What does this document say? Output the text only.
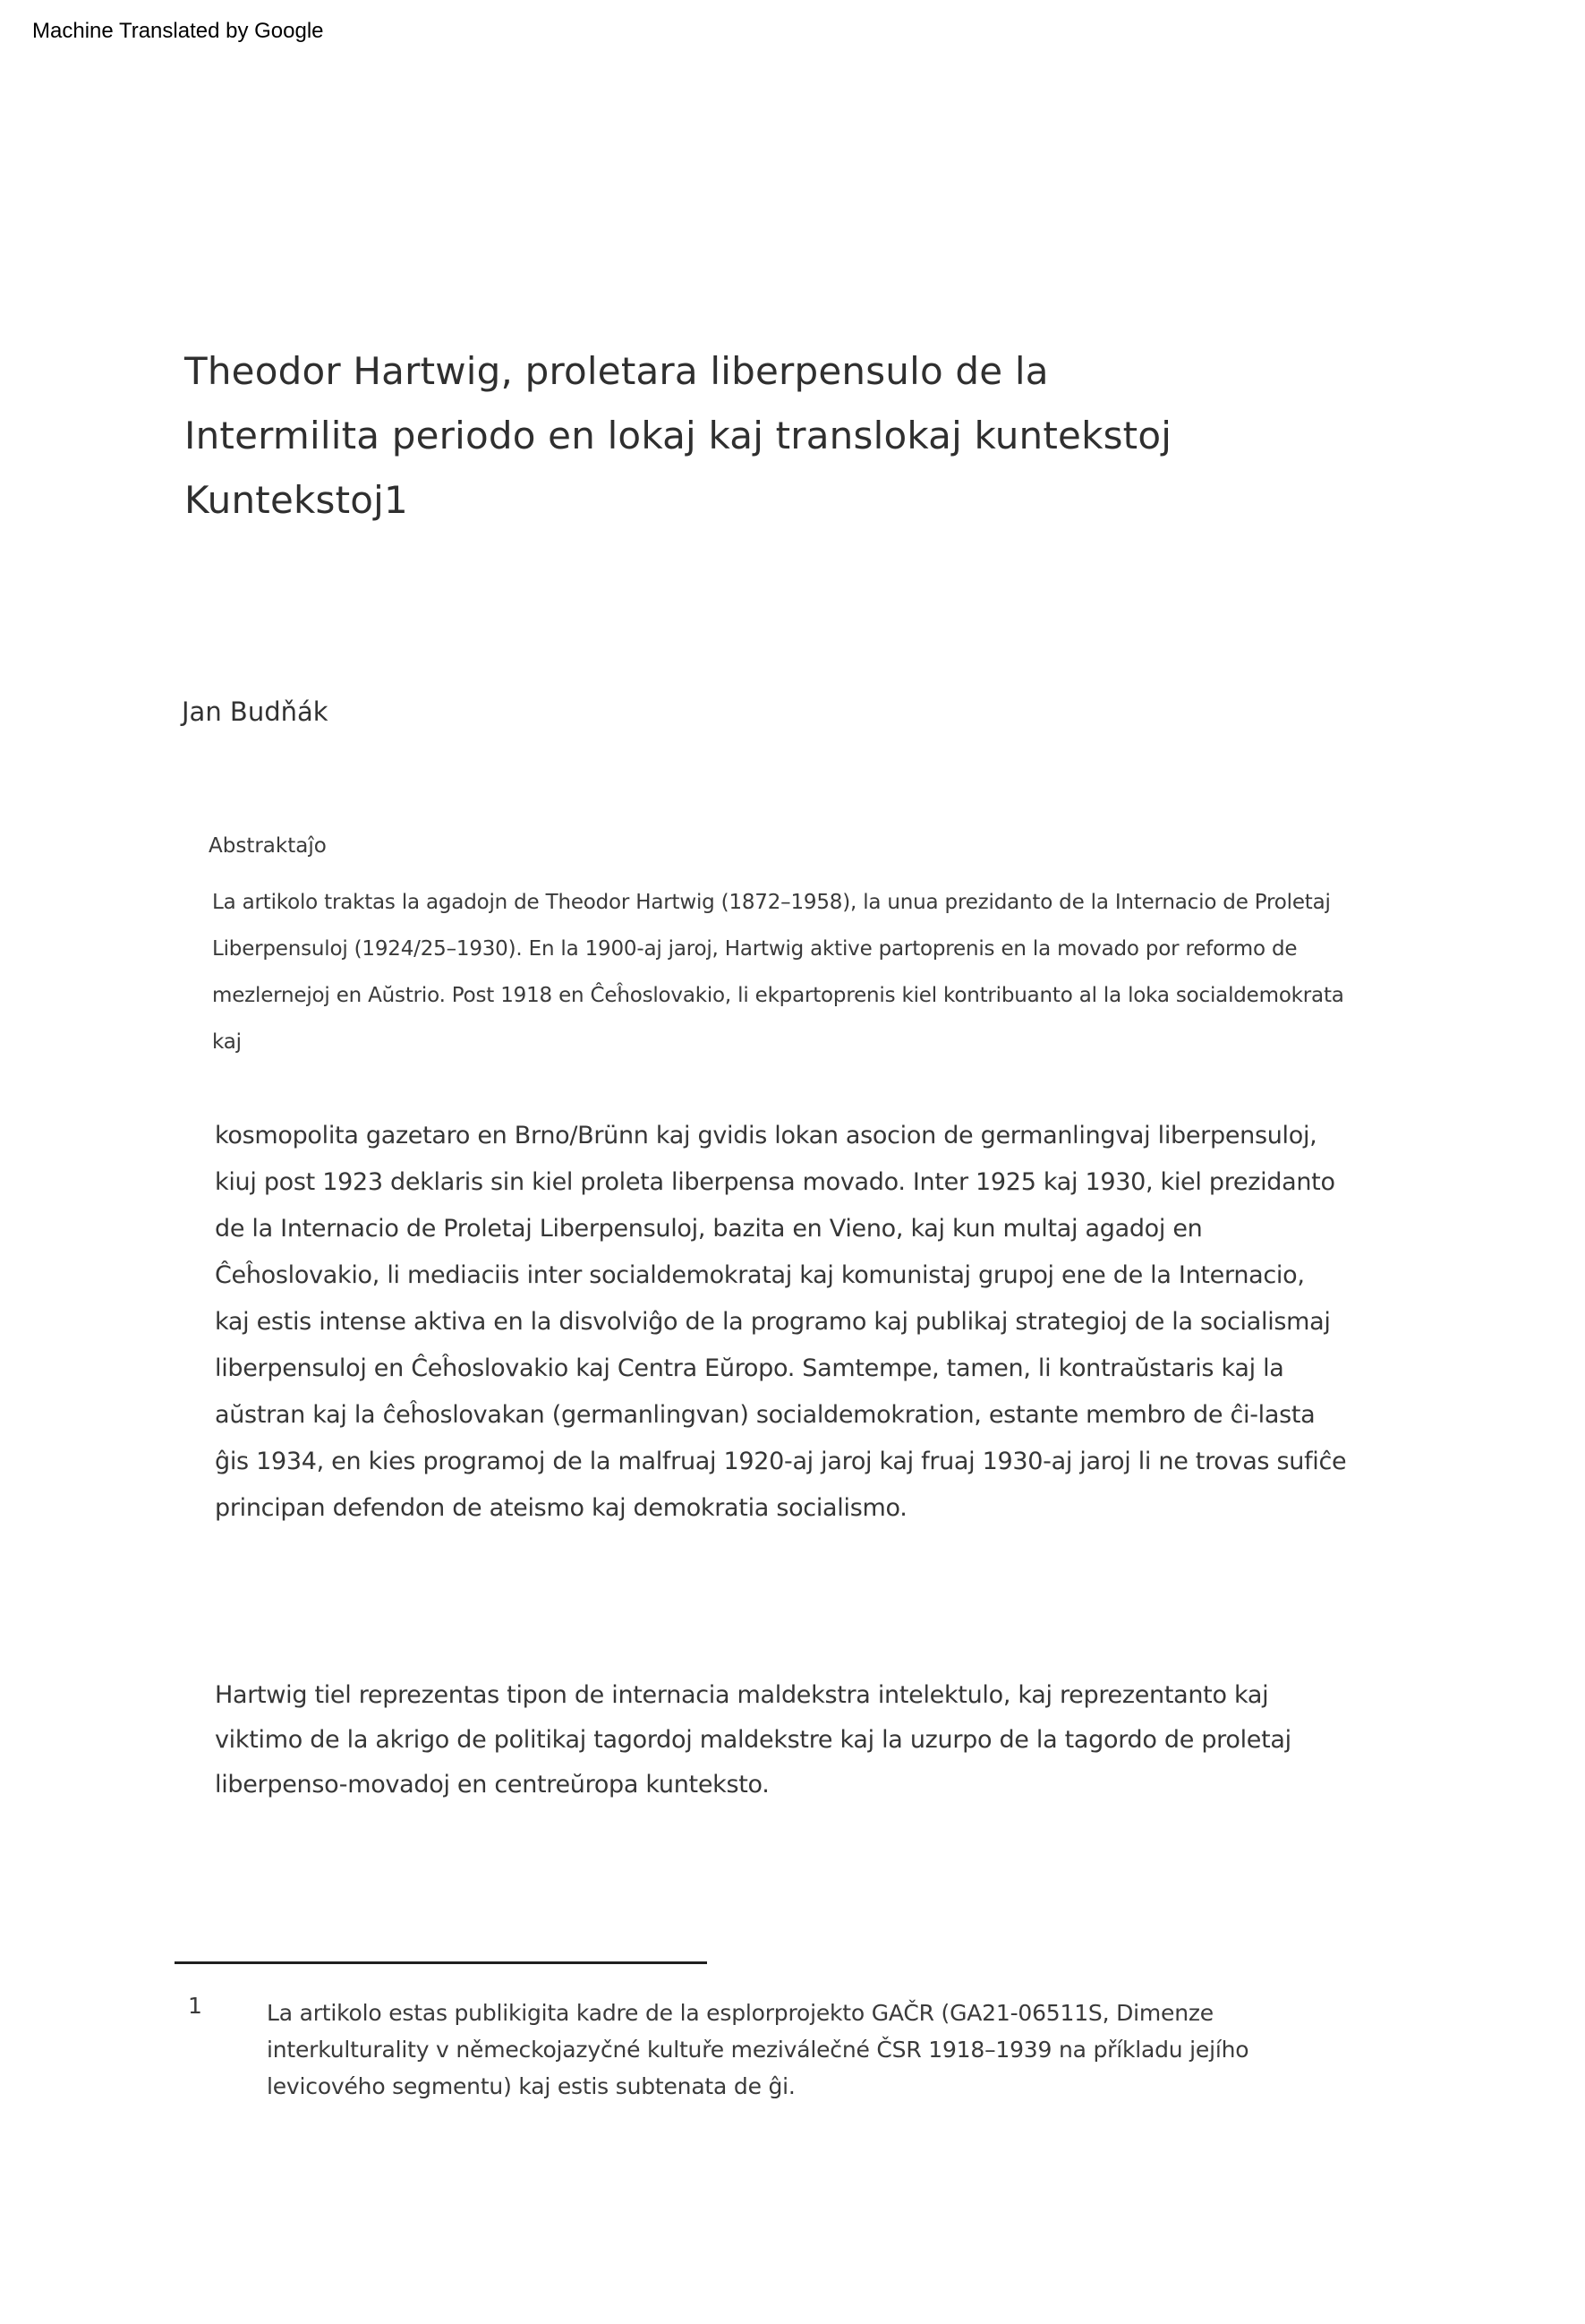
Machine Translated by Google
Theodor Hartwig, proletara liberpensulo de la
Intermilita periodo en lokaj kaj translokaj kuntekstoj
Kuntekstoj1
Jan Budňák
Abstraktaĵo
La artikolo traktas la agadojn de Theodor Hartwig (1872–1958), la unua prezidanto de la Internacio de Proletaj
Liberpensuloj (1924/25–1930). En la 1900-aj jaroj, Hartwig aktive partoprenis en la movado por reformo de
mezlernejoj en Aŭstrio. Post 1918 en Ĉeĥoslovakio, li ekpartoprenis kiel kontribuanto al la loka socialdemokrata
kaj
kosmopolita gazetaro en Brno/Brünn kaj gvidis lokan asocion de germanlingvaj liberpensuloj,
kiuj post 1923 deklaris sin kiel proleta liberpensa movado. Inter 1925 kaj 1930, kiel prezidanto
de la Internacio de Proletaj Liberpensuloj, bazita en Vieno, kaj kun multaj agadoj en
Ĉeĥoslovakio, li mediaciis inter socialdemokrataj kaj komunistaj grupoj ene de la Internacio,
kaj estis intense aktiva en la disvolviĝo de la programo kaj publikaj strategioj de la socialismaj
liberpensuloj en Ĉeĥoslovakio kaj Centra Eŭropo. Samtempe, tamen, li kontraŭstaris kaj la
aŭstran kaj la ĉeĥoslovakan (germanlingvan) socialdemokration, estante membro de ĉi-lasta
ĝis 1934, en kies programoj de la malfruaj 1920-aj jaroj kaj fruaj 1930-aj jaroj li ne trovas sufiĉe
principan defendon de ateismo kaj demokratia socialismo.
Hartwig tiel reprezentas tipon de internacia maldekstra intelektulo, kaj reprezentanto kaj
viktimo de la akrigo de politikaj tagordoj maldekstre kaj la uzurpo de la tagordo de proletaj
liberpenso-movadoj en centreŭropa kunteksto.
1	La artikolo estas publikigita kadre de la esplorprojekto GAČR (GA21-06511S, Dimenze
interkulturality v německojazyčné kultuře meziválečné ČSR 1918–1939 na příkladu jejího
levicového segmentu) kaj estis subtenata de ĝi.
